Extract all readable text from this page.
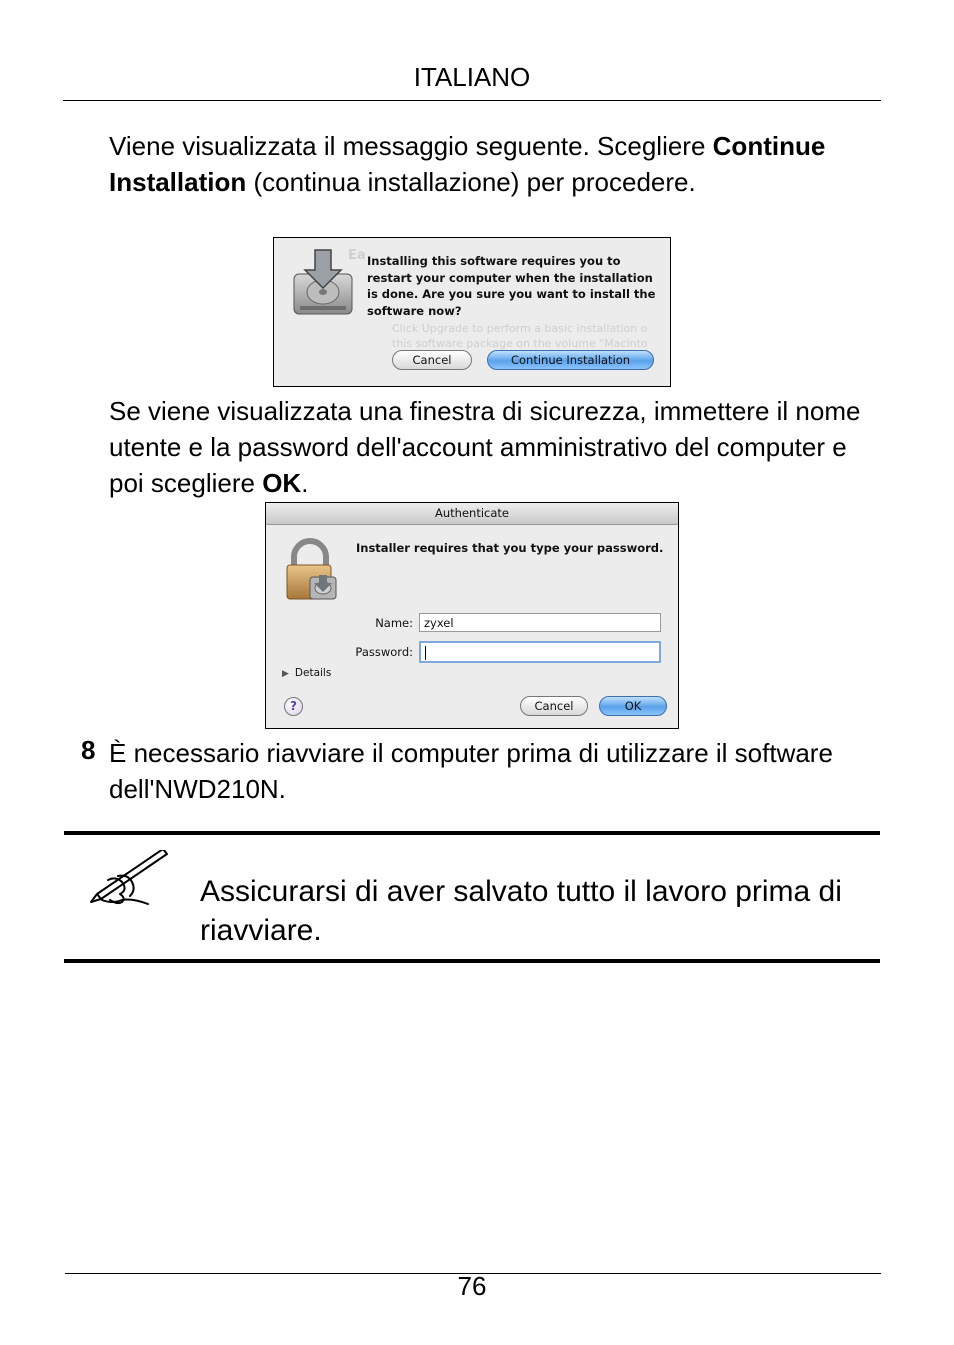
ITALIANO
Viene visualizzata il messaggio seguente. Scegliere Continue Installation (continua installazione) per procedere.
Ea
Click Upgrade to perform a basic installation o
this software package on the volume "Macinto
Installing this software requires you to restart your computer when the installation is done. Are you sure you want to install the software now?
Cancel	Continue Installation
Se viene visualizzata una finestra di sicurezza, immettere il nome utente e la password dell'account amministrativo del computer e poi scegliere OK.
Authenticate
Installer requires that you type your password.
Name: zyxel
Password:
▶ Details
?	Cancel	OK
8 È necessario riavviare il computer prima di utilizzare il software dell'NWD210N.
Assicurarsi di aver salvato tutto il lavoro prima di riavviare.
76
